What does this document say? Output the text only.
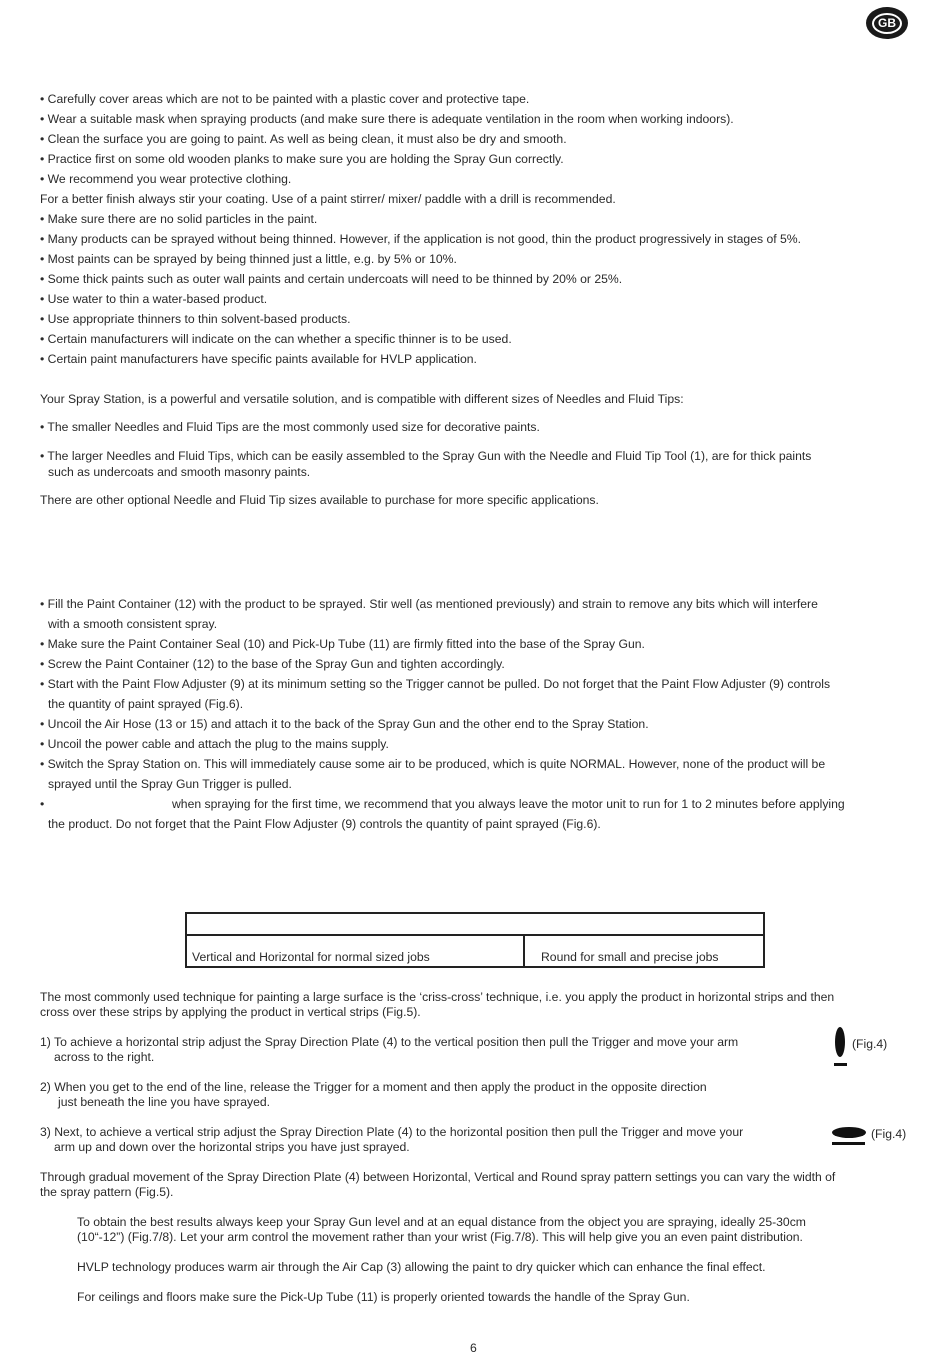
GB
• Carefully cover areas which are not to be painted with a plastic cover and protective tape.
• Wear a suitable mask when spraying products (and make sure there is adequate ventilation in the room when working indoors).
• Clean the surface you are going to paint. As well as being clean, it must also be dry and smooth.
• Practice first on some old wooden planks to make sure you are holding the Spray Gun correctly.
• We recommend you wear protective clothing.
For a better finish always stir your coating. Use of a paint stirrer/ mixer/ paddle with a drill is recommended.
• Make sure there are no solid particles in the paint.
• Many products can be sprayed without being thinned. However, if the application is not good, thin the product progressively in stages of 5%.
• Most paints can be sprayed by being thinned just a little, e.g. by 5% or 10%.
• Some thick paints such as outer wall paints and certain undercoats will need to be thinned by 20% or 25%.
• Use water to thin a water-based product.
• Use appropriate thinners to thin solvent-based products.
• Certain manufacturers will indicate on the can whether a specific thinner is to be used.
• Certain paint manufacturers have specific paints available for HVLP application.
Your Spray Station, is a powerful and versatile solution, and is compatible with different sizes of Needles and Fluid Tips:
• The smaller Needles and Fluid Tips are the most commonly used size for decorative paints.
• The larger Needles and Fluid Tips, which can be easily assembled to the Spray Gun with the Needle and Fluid Tip Tool (1), are for thick paints
such as undercoats and smooth masonry paints.
There are other optional Needle and Fluid Tip sizes available to purchase for more specific applications.
• Fill the Paint Container (12) with the product to be sprayed. Stir well (as mentioned previously) and strain to remove any bits which will interfere
with a smooth consistent spray.
• Make sure the Paint Container Seal (10) and Pick-Up Tube (11) are firmly fitted into the base of the Spray Gun.
• Screw the Paint Container (12) to the base of the Spray Gun and tighten accordingly.
• Start with the Paint Flow Adjuster (9) at its minimum setting so the Trigger cannot be pulled. Do not forget that the Paint Flow Adjuster (9) controls
the quantity of paint sprayed (Fig.6).
• Uncoil the Air Hose (13 or 15) and attach it to the back of the Spray Gun and the other end to the Spray Station.
• Uncoil the power cable and attach the plug to the mains supply.
• Switch the Spray Station on. This will immediately cause some air to be produced, which is quite NORMAL. However, none of the product will be
sprayed until the Spray Gun Trigger is pulled.
•	when spraying for the first time, we recommend that you always leave the motor unit to run for 1 to 2 minutes before applying
the product. Do not forget that the Paint Flow Adjuster (9) controls the quantity of paint sprayed (Fig.6).
Vertical and Horizontal for normal sized jobs	Round for small and precise jobs
The most commonly used technique for painting a large surface is the ‘criss-cross’ technique, i.e. you apply the product in horizontal strips and then
cross over these strips by applying the product in vertical strips (Fig.5).
1) To achieve a horizontal strip adjust the Spray Direction Plate (4) to the vertical position then pull the Trigger and move your arm
across to the right.
(Fig.4)
2) When you get to the end of the line, release the Trigger for a moment and then apply the product in the opposite direction
just beneath the line you have sprayed.
3) Next, to achieve a vertical strip adjust the Spray Direction Plate (4) to the horizontal position then pull the Trigger and move your
arm up and down over the horizontal strips you have just sprayed.
(Fig.4)
Through gradual movement of the Spray Direction Plate (4) between Horizontal, Vertical and Round spray pattern settings you can vary the width of
the spray pattern (Fig.5).
To obtain the best results always keep your Spray Gun level and at an equal distance from the object you are spraying, ideally 25-30cm
(10“-12”) (Fig.7/8). Let your arm control the movement rather than your wrist (Fig.7/8). This will help give you an even paint distribution.
HVLP technology produces warm air through the Air Cap (3) allowing the paint to dry quicker which can enhance the final effect.
For ceilings and floors make sure the Pick-Up Tube (11) is properly oriented towards the handle of the Spray Gun.
6
